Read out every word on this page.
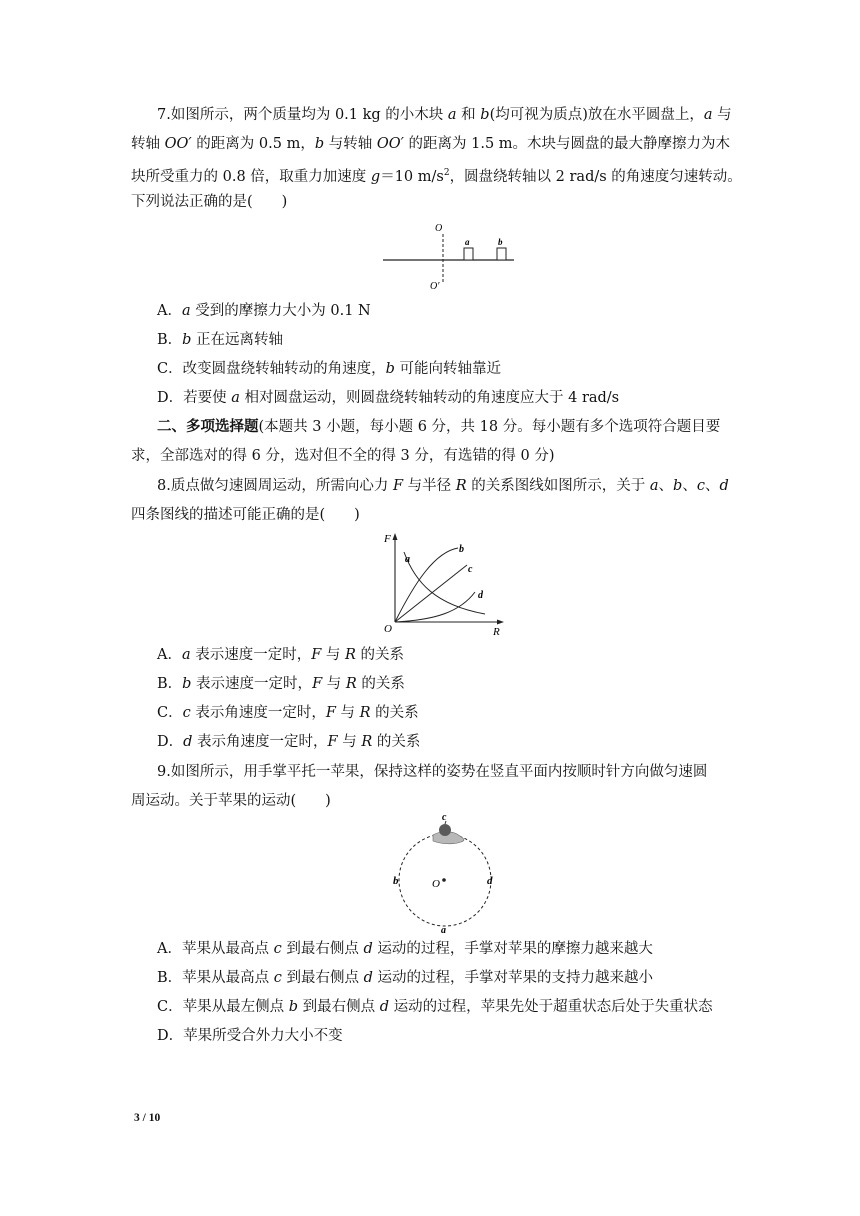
7.如图所示，两个质量均为 0.1 kg 的小木块 a 和 b(均可视为质点)放在水平圆盘上，a 与
转轴 OO′ 的距离为 0.5 m，b 与转轴 OO′ 的距离为 1.5 m。木块与圆盘的最大静摩擦力为木
块所受重力的 0.8 倍，取重力加速度 g＝10 $m/s^2$，圆盘绕转轴以 2 rad/s 的角速度匀速转动。
下列说法正确的是(　　)
O
O′
a	b
A．a 受到的摩擦力大小为 0.1 N
B．b 正在远离转轴
C．改变圆盘绕转轴转动的角速度，b 可能向转轴靠近
D．若要使 a 相对圆盘运动，则圆盘绕转轴转动的角速度应大于 4 rad/s
二、多项选择题(本题共 3 小题，每小题 6 分，共 18 分。每小题有多个选项符合题目要
求，全部选对的得 6 分，选对但不全的得 3 分，有选错的得 0 分)
8.质点做匀速圆周运动，所需向心力 F 与半径 R 的关系图线如图所示，关于 a、b、c、d
四条图线的描述可能正确的是(　　)
F
R
O
a
b
c
d
A．a 表示速度一定时，F 与 R 的关系
B．b 表示速度一定时，F 与 R 的关系
C．c 表示角速度一定时，F 与 R 的关系
D．d 表示角速度一定时，F 与 R 的关系
9.如图所示，用手掌平托一苹果，保持这样的姿势在竖直平面内按顺时针方向做匀速圆
周运动。关于苹果的运动(　　)
O
c
b	d
a
A．苹果从最高点 c 到最右侧点 d 运动的过程，手掌对苹果的摩擦力越来越大
B．苹果从最高点 c 到最右侧点 d 运动的过程，手掌对苹果的支持力越来越小
C．苹果从最左侧点 b 到最右侧点 d 运动的过程，苹果先处于超重状态后处于失重状态
D．苹果所受合外力大小不变
3 / 10
